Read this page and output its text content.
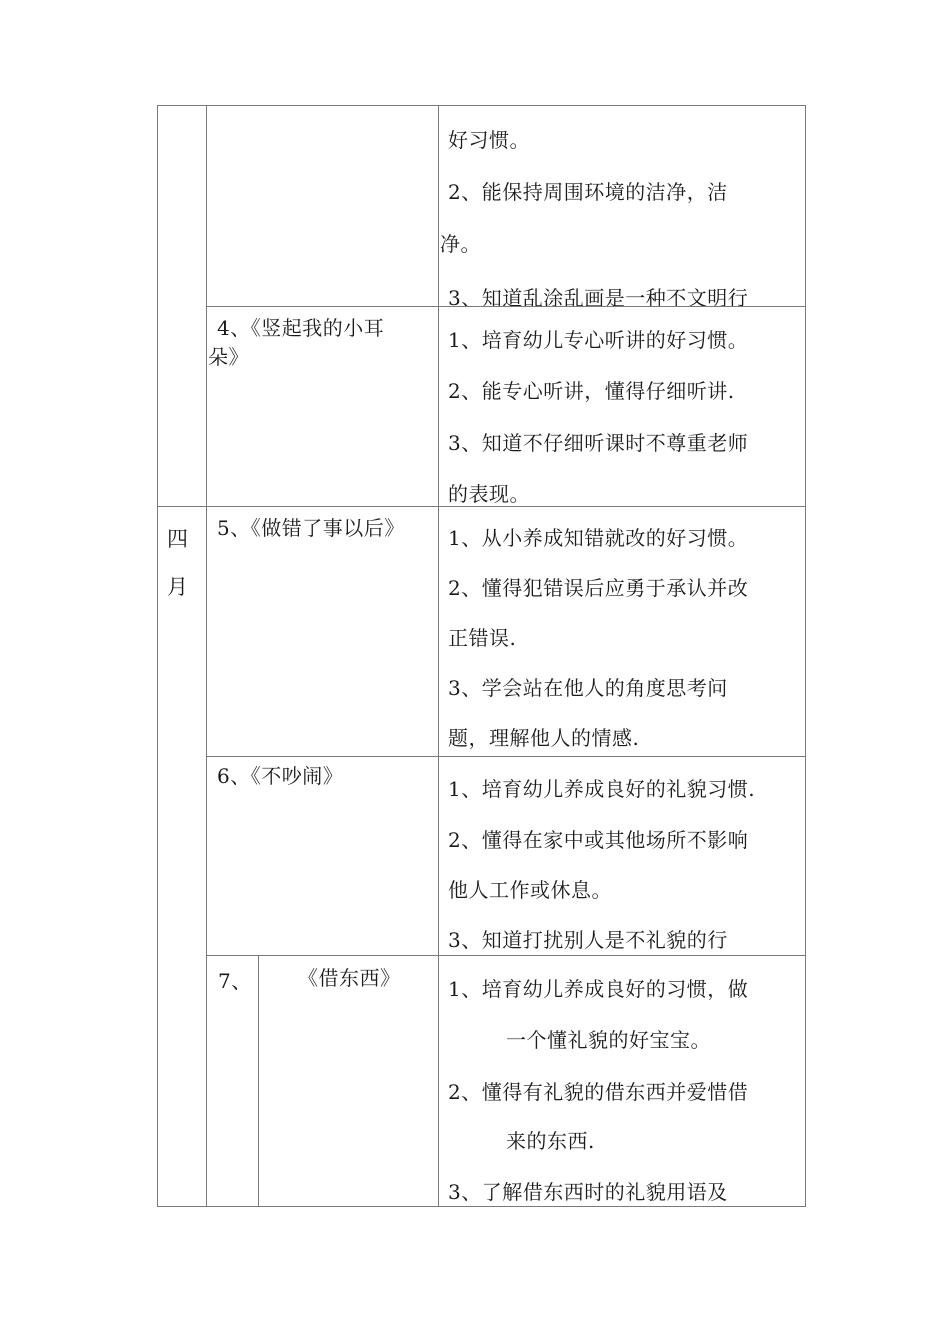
四月
好习惯。
2、能保持周围环境的洁净，洁
净。
3、知道乱涂乱画是一种不文明行
4、《竖起我的小耳
朵》
1、培育幼儿专心听讲的好习惯。
2、能专心听讲，懂得仔细听讲.
3、知道不仔细听课时不尊重老师
的表现。
5、《做错了事以后》 1、从小养成知错就改的好习惯。
2、懂得犯错误后应勇于承认并改
正错误.
3、学会站在他人的角度思考问
题，理解他人的情感.
6、《不吵闹》
1、培育幼儿养成良好的礼貌习惯.
2、懂得在家中或其他场所不影响
他人工作或休息。
3、知道打扰别人是不礼貌的行
7、 《借东西》 1、培育幼儿养成良好的习惯，做
一个懂礼貌的好宝宝。
2、懂得有礼貌的借东西并爱惜借
来的东西.
3、了解借东西时的礼貌用语及
